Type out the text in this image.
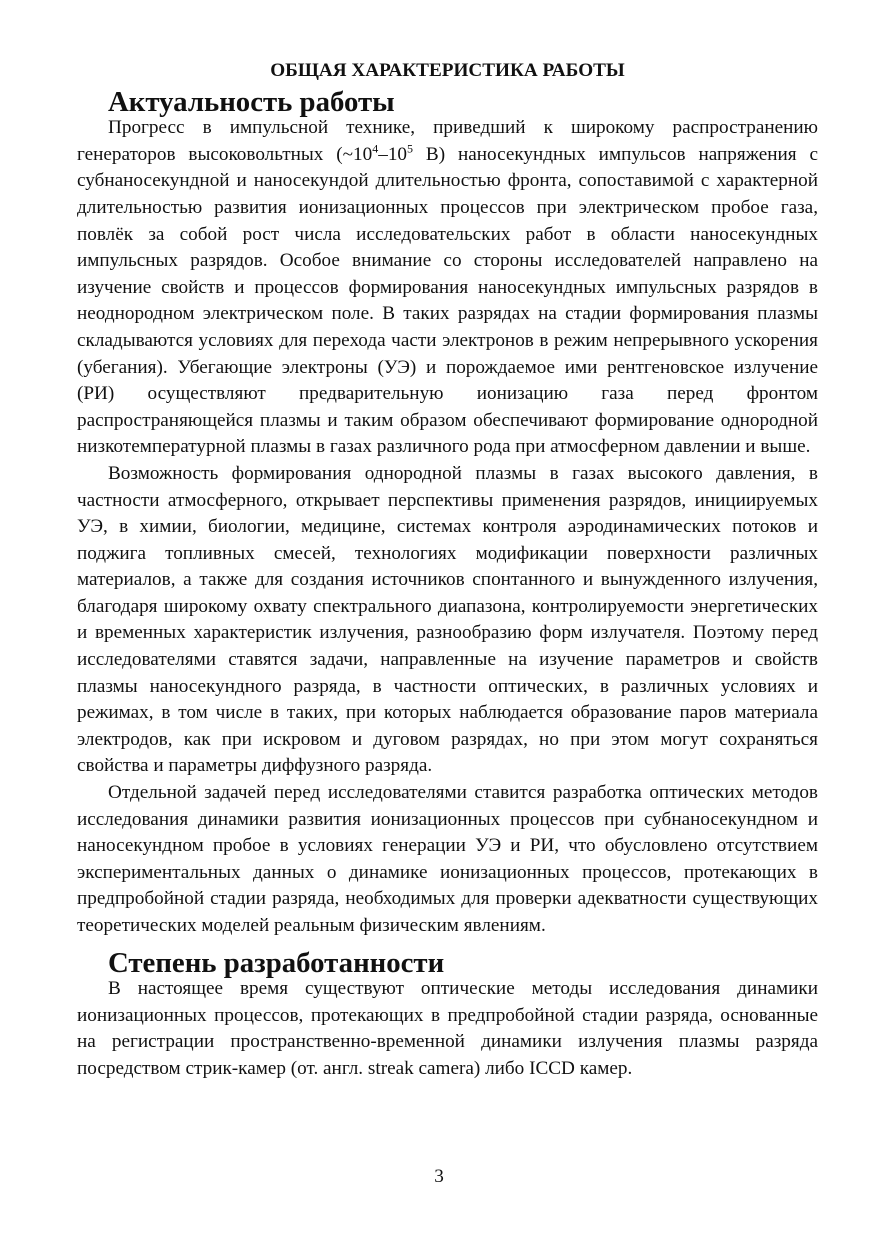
ОБЩАЯ ХАРАКТЕРИСТИКА РАБОТЫ
Актуальность работы

Прогресс в импульсной технике, приведший к широкому распространению генераторов высоковольтных ($\sim 10^4-10^5$ В) наносекундных импульсов напряжения с субнаносекундной и наносекундой длительностью фронта, сопоставимой с характерной длительностью развития ионизационных процессов при электрическом пробое газа, повлёк за собой рост числа исследовательских работ в области наносекундных импульсных разрядов. Особое внимание со стороны исследователей направлено на изучение свойств и процессов формирования наносекундных импульсных разрядов в неоднородном электрическом поле. В таких разрядах на стадии формирования плазмы складываются условиях для перехода части электронов в режим непрерывного ускорения (убегания). Убегающие электроны (УЭ) и порождаемое ими рентгеновское излучение (РИ) осуществляют предварительную ионизацию газа перед фронтом распространяющейся плазмы и таким образом обеспечивают формирование однородной низкотемпературной плазмы в газах различного рода при атмосферном давлении и выше.

Возможность формирования однородной плазмы в газах высокого давления, в частности атмосферного, открывает перспективы применения разрядов, инициируемых УЭ, в химии, биологии, медицине, системах контроля аэродинамических потоков и поджига топливных смесей, технологиях модификации поверхности различных материалов, а также для создания источников спонтанного и вынужденного излучения, благодаря широкому охвату спектрального диапазона, контролируемости энергетических и временных характеристик излучения, разнообразию форм излучателя. Поэтому перед исследователями ставятся задачи, направленные на изучение параметров и свойств плазмы наносекундного разряда, в частности оптических, в различных условиях и режимах, в том числе в таких, при которых наблюдается образование паров материала электродов, как при искровом и дуговом разрядах, но при этом могут сохраняться свойства и параметры диффузного разряда.

Отдельной задачей перед исследователями ставится разработка оптических методов исследования динамики развития ионизационных процессов при субнаносекундном и наносекундном пробое в условиях генерации УЭ и РИ, что обусловлено отсутствием экспериментальных данных о динамике ионизационных процессов, протекающих в предпробойной стадии разряда, необходимых для проверки адекватности существующих теоретических моделей реальным физическим явлениям.

Степень разработанности

В настоящее время существуют оптические методы исследования динамики ионизационных процессов, протекающих в предпробойной стадии разряда, основанные на регистрации пространственно-временной динамики излучения плазмы разряда посредством стрик-камер (от. англ. streak camera) либо ICCD камер.

3
